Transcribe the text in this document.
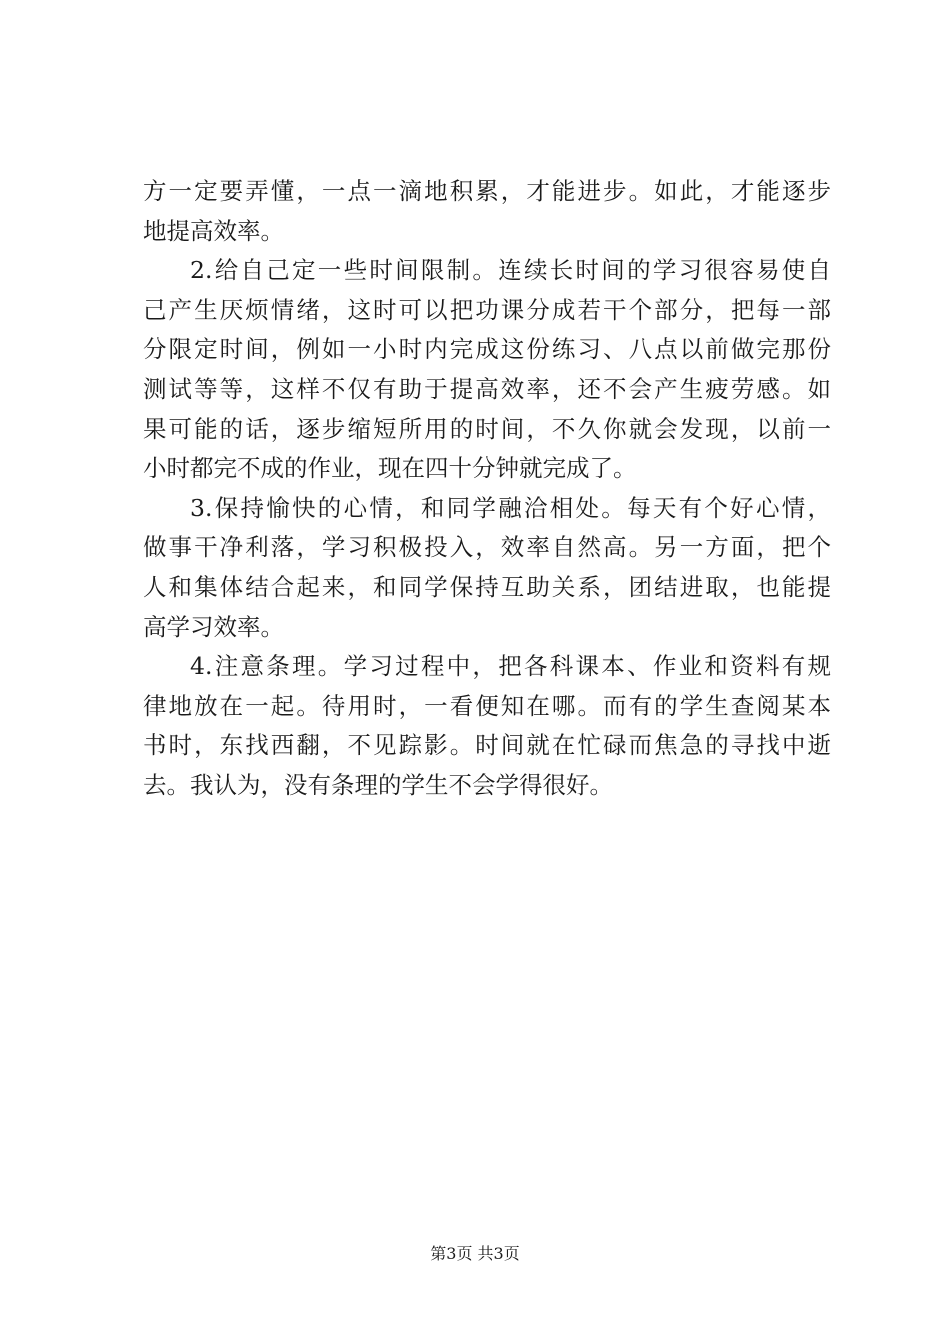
方一定要弄懂，一点一滴地积累，才能进步。如此，才能逐步
地提高效率。
2.给自己定一些时间限制。连续长时间的学习很容易使自
己产生厌烦情绪，这时可以把功课分成若干个部分，把每一部
分限定时间，例如一小时内完成这份练习、八点以前做完那份
测试等等，这样不仅有助于提高效率，还不会产生疲劳感。如
果可能的话，逐步缩短所用的时间，不久你就会发现，以前一
小时都完不成的作业，现在四十分钟就完成了。
3.保持愉快的心情，和同学融洽相处。每天有个好心情，
做事干净利落，学习积极投入，效率自然高。另一方面，把个
人和集体结合起来，和同学保持互助关系，团结进取，也能提
高学习效率。
4.注意条理。学习过程中，把各科课本、作业和资料有规
律地放在一起。待用时，一看便知在哪。而有的学生查阅某本
书时，东找西翻，不见踪影。时间就在忙碌而焦急的寻找中逝
去。我认为，没有条理的学生不会学得很好。
第3页 共3页
